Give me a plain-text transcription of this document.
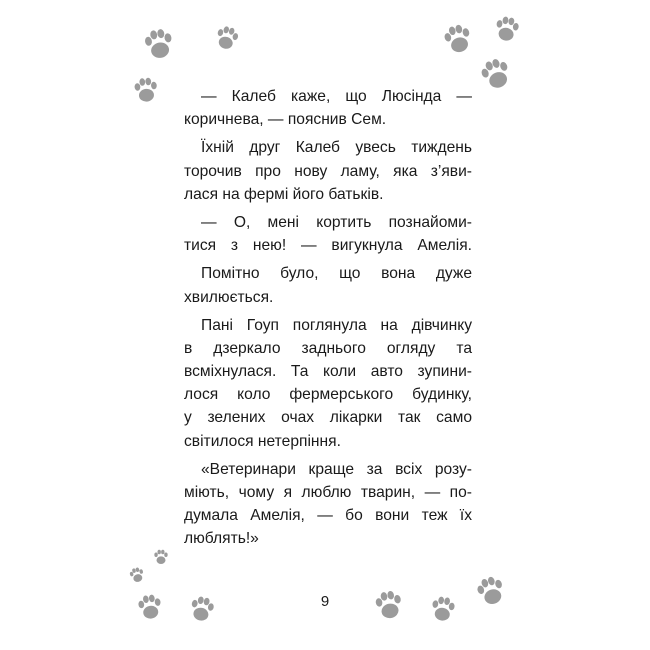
— Калеб каже, що Люсінда —
коричнева, — пояснив Сем.
Їхній друг Калеб увесь тиждень
торочив про нову ламу, яка з’яви-
лася на фермі його батьків.
— О, мені кортить познайоми-
тися з нею! — вигукнула Амелія.
Помітно було, що вона дуже
хвилюється.
Пані Гоуп поглянула на дівчинку
в дзеркало заднього огляду та
всміхнулася. Та коли авто зупини-
лося коло фермерського будинку,
у зелених очах лікарки так само
світилося нетерпіння.
«Ветеринари краще за всіх розу-
міють, чому я люблю тварин, — по-
думала Амелія, — бо вони теж їх
люблять!»
9
